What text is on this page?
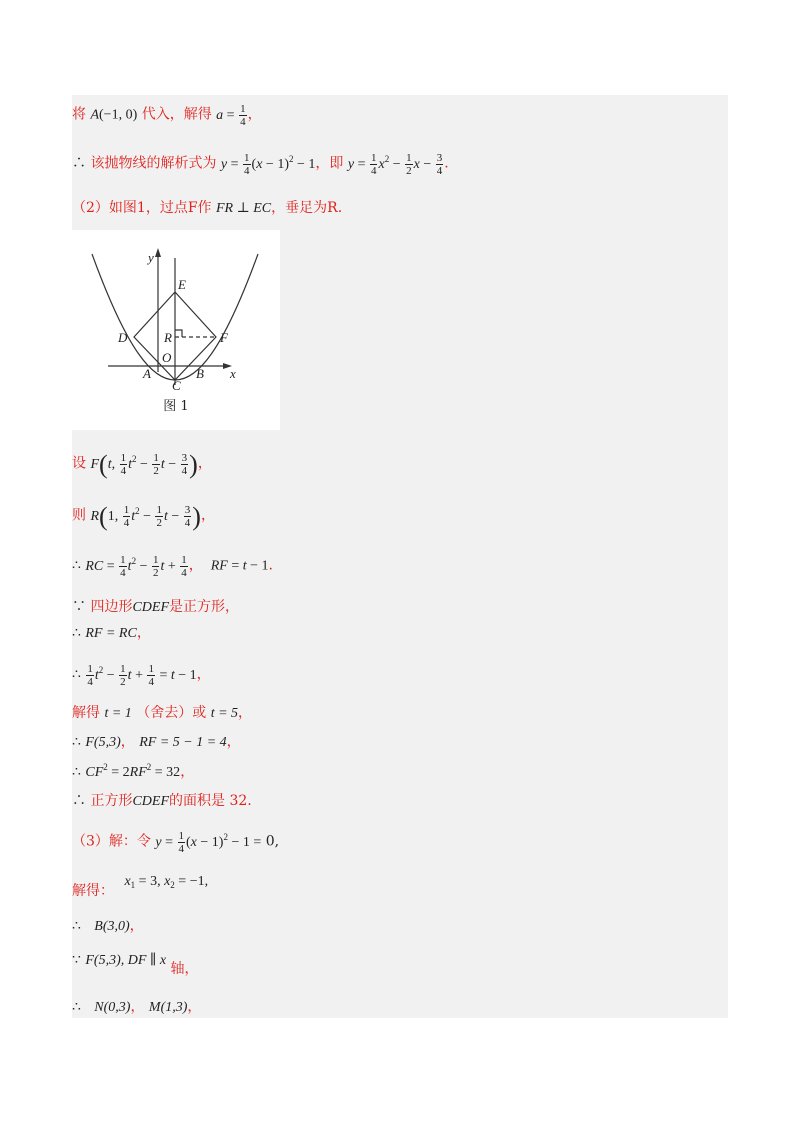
将 A(−1, 0) 代入，解得 $a = \frac{1}{4}$ ，
∴ 该抛物线的解析式为 $y = \frac{1}{4} (x - 1)^2 - 1$，即 $y = \frac{1}{4} x^2 - \frac{1}{2}$ $x - \frac{3}{4}$ .
（2）如图1，过点F作 FR ⊥ EC，垂足为R.
y
x
E
D	F
R
O
A	B
C
图 1
设 F(t, $\frac{1}{4} t^2 - \frac{1}{2}$ $t - \frac{3}{4}$ )，
则 R(1, $\frac{1}{4} t^2 - \frac{1}{2}$ $t - \frac{3}{4}$ )，
∴ RC = $\frac{1}{4} t^2 - \frac{1}{2}$ $t + \frac{1}{4}$ ，  RF = t − 1.
∵ 四边形CDEF是正方形，
∴ RF = RC，
∴ $\frac{1}{4} t^2 - \frac{1}{2}$ $t + \frac{1}{4} = t - 1$，
解得 t = 1 （舍去）或 t = 5，
∴ F(5,3)， RF = 5 − 1 = 4，
∴ $CF^2 = 2RF^2 = 32$，
∴ 正方形CDEF的面积是 32.
（3）解：令 $y = \frac{1}{4} (x - 1)^2 - 1 = 0$,
解得： $x_1 = 3$, $x_2 = -1$,
∴ B(3,0)，
∵ F(5,3), DF ∥ x 轴，
∴ N(0,3)， M(1,3)，
